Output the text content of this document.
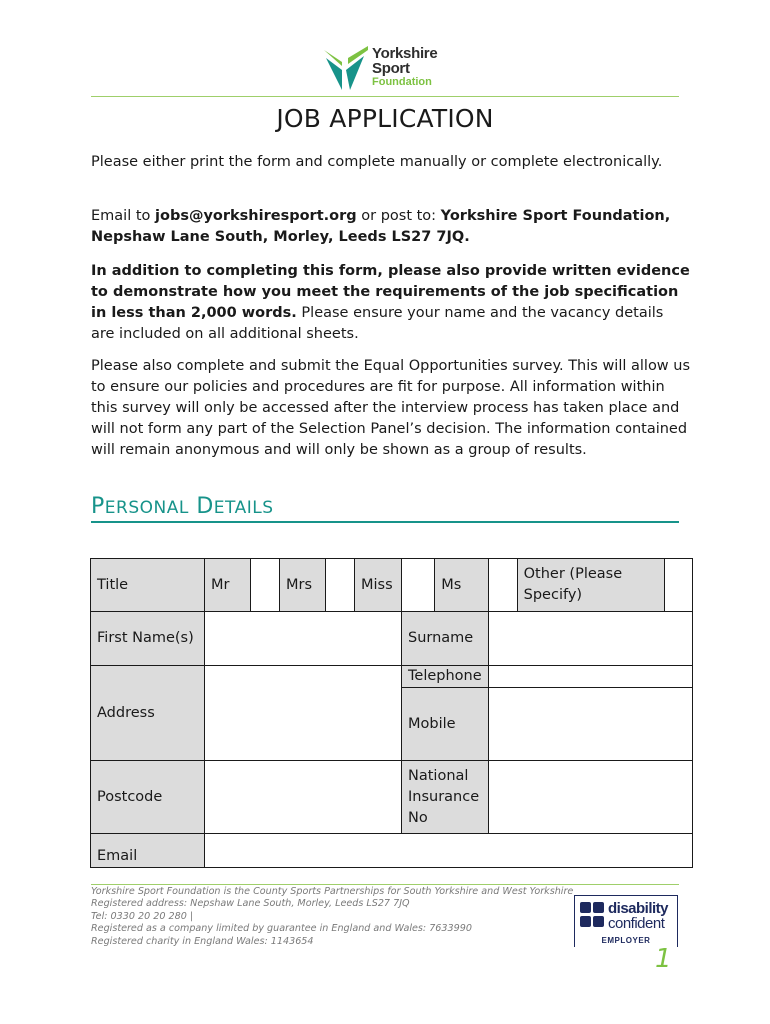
Yorkshire
Sport
Foundation
JOB APPLICATION

Please either print the form and complete manually or complete electronically.

Email to jobs@yorkshiresport.org or post to: Yorkshire Sport Foundation, Nepshaw Lane South, Morley, Leeds LS27 7JQ.

In addition to completing this form, please also provide written evidence to demonstrate how you meet the requirements of the job specification in less than 2,000 words. Please ensure your name and the vacancy details are included on all additional sheets.

Please also complete and submit the Equal Opportunities survey. This will allow us to ensure our policies and procedures are fit for purpose. All information within this survey will only be accessed after the interview process has taken place and will not form any part of the Selection Panel’s decision. The information contained will remain anonymous and will only be shown as a group of results.

PERSONAL DETAILS
Title	Mr		Mrs		Miss		Ms		Other (Please Specify)	
First Name(s)						Surname				

Address						Telephone				
						Mobile				
Postcode						National Insurance No				
Email										
Yorkshire Sport Foundation is the County Sports Partnerships for South Yorkshire and West Yorkshire
Registered address: Nepshaw Lane South, Morley, Leeds LS27 7JQ
Tel: 0330 20 20 280 |
Registered as a company limited by guarantee in England and Wales: 7633990
Registered charity in England Wales: 1143654
disability
confident
EMPLOYER
1
